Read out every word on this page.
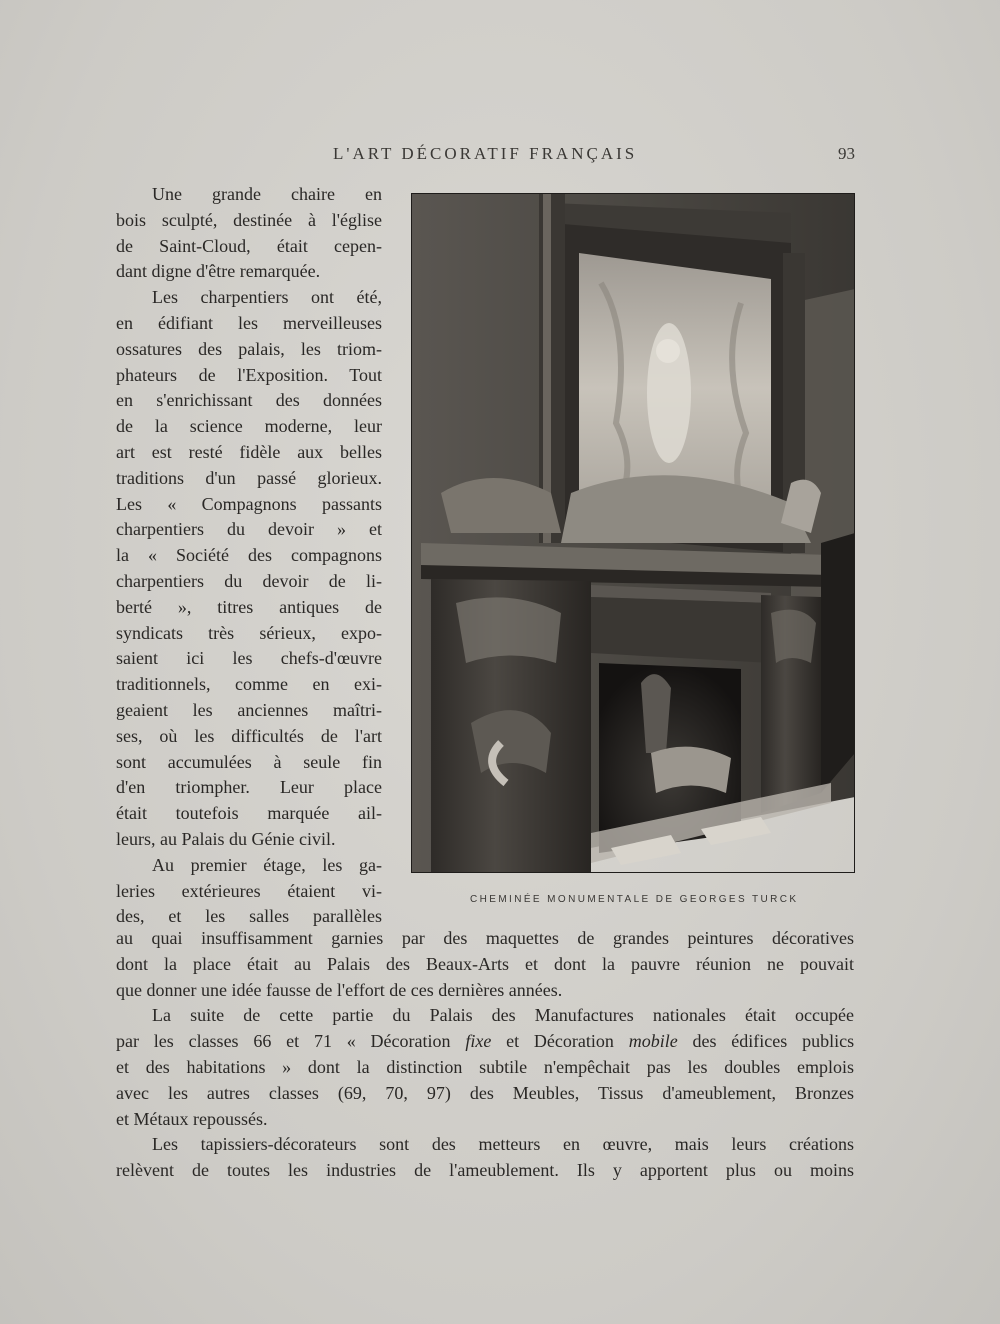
L'ART DÉCORATIF FRANÇAIS	93
Une grande chaire en
bois sculpté, destinée à l'église
de Saint-Cloud, était cepen-
dant digne d'être remarquée.
Les charpentiers ont été,
en édifiant les merveilleuses
ossatures des palais, les triom-
phateurs de l'Exposition. Tout
en s'enrichissant des données
de la science moderne, leur
art est resté fidèle aux belles
traditions d'un passé glorieux.
Les « Compagnons passants
charpentiers du devoir » et
la « Société des compagnons
charpentiers du devoir de li-
berté », titres antiques de
syndicats très sérieux, expo-
saient ici les chefs-d'œuvre
traditionnels, comme en exi-
geaient les anciennes maîtri-
ses, où les difficultés de l'art
sont accumulées à seule fin
d'en triompher. Leur place
était toutefois marquée ail-
leurs, au Palais du Génie civil.
Au premier étage, les ga-
leries extérieures étaient vi-
des, et les salles parallèles
CHEMINÉE MONUMENTALE DE GEORGES TURCK
au quai insuffisamment garnies par des maquettes de grandes peintures décoratives
dont la place était au Palais des Beaux-Arts et dont la pauvre réunion ne pouvait
que donner une idée fausse de l'effort de ces dernières années.
La suite de cette partie du Palais des Manufactures nationales était occupée
par les classes 66 et 71 « Décoration fixe et Décoration mobile des édifices publics
et des habitations » dont la distinction subtile n'empêchait pas les doubles emplois
avec les autres classes (69, 70, 97) des Meubles, Tissus d'ameublement, Bronzes
et Métaux repoussés.
Les tapissiers-décorateurs sont des metteurs en œuvre, mais leurs créations
relèvent de toutes les industries de l'ameublement. Ils y apportent plus ou moins
